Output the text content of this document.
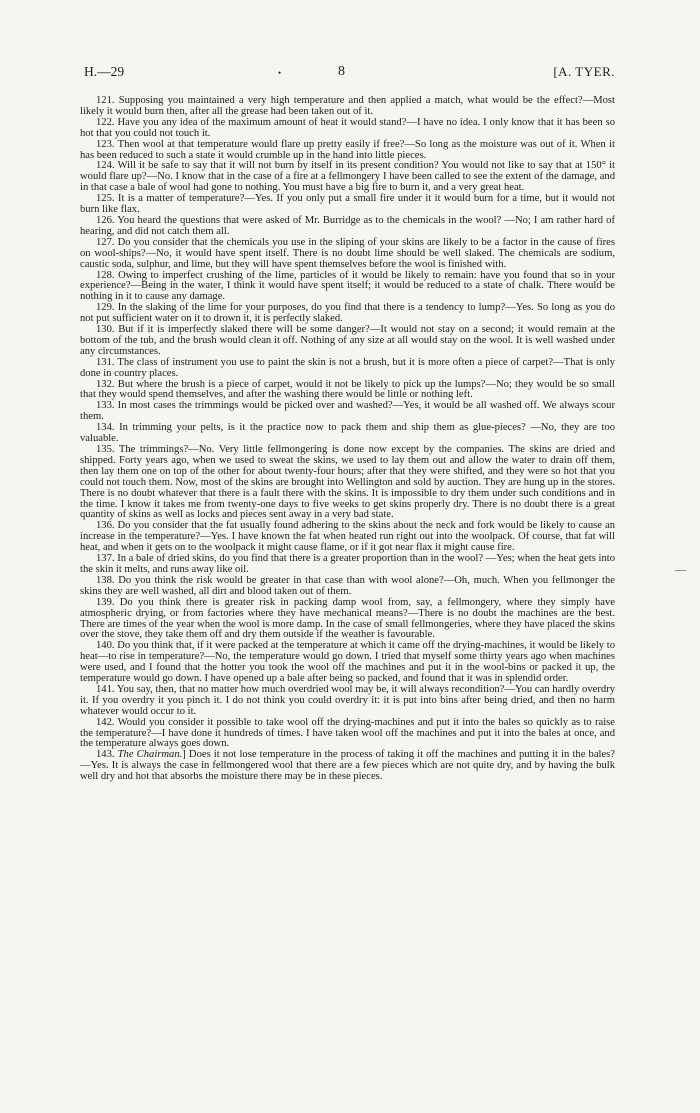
H.—29	•	8	[A. TYER.

121. Supposing you maintained a very high temperature and then applied a match, what would be the effect?—Most likely it would burn then, after all the grease had been taken out of it.

122. Have you any idea of the maximum amount of heat it would stand?—I have no idea. I only know that it has been so hot that you could not touch it.

123. Then wool at that temperature would flare up pretty easily if free?—So long as the moisture was out of it. When it has been reduced to such a state it would crumble up in the hand into little pieces.

124. Will it be safe to say that it will not burn by itself in its present condition? You would not like to say that at 150° it would flare up?—No. I know that in the case of a fire at a fellmongery I have been called to see the extent of the damage, and in that case a bale of wool had gone to nothing. You must have a big fire to burn it, and a very great heat.

125. It is a matter of temperature?—Yes. If you only put a small fire under it it would burn for a time, but it would not burn like flax.

126. You heard the questions that were asked of Mr. Burridge as to the chemicals in the wool? —No; I am rather hard of hearing, and did not catch them all.

127. Do you consider that the chemicals you use in the sliping of your skins are likely to be a factor in the cause of fires on wool-ships?—No, it would have spent itself. There is no doubt lime should be well slaked. The chemicals are sodium, caustic soda, sulphur, and lime, but they will have spent themselves before the wool is finished with.

128. Owing to imperfect crushing of the lime, particles of it would be likely to remain: have you found that so in your experience?—Being in the water, I think it would have spent itself; it would be reduced to a state of chalk. There would be nothing in it to cause any damage.

129. In the slaking of the lime for your purposes, do you find that there is a tendency to lump?—Yes. So long as you do not put sufficient water on it to drown it, it is perfectly slaked.

130. But if it is imperfectly slaked there will be some danger?—It would not stay on a second; it would remain at the bottom of the tub, and the brush would clean it off. Nothing of any size at all would stay on the wool. It is well washed under any circumstances.

131. The class of instrument you use to paint the skin is not a brush, but it is more often a piece of carpet?—That is only done in country places.

132. But where the brush is a piece of carpet, would it not be likely to pick up the lumps?—No; they would be so small that they would spend themselves, and after the washing there would be little or nothing left.

133. In most cases the trimmings would be picked over and washed?—Yes, it would be all washed off. We always scour them.

134. In trimming your pelts, is it the practice now to pack them and ship them as glue-pieces? —No, they are too valuable.

135. The trimmings?—No. Very little fellmongering is done now except by the companies. The skins are dried and shipped. Forty years ago, when we used to sweat the skins, we used to lay them out and allow the water to drain off them, then lay them one on top of the other for about twenty-four hours; after that they were shifted, and they were so hot that you could not touch them. Now, most of the skins are brought into Wellington and sold by auction. They are hung up in the stores. There is no doubt whatever that there is a fault there with the skins. It is impossible to dry them under such conditions and in the time. I know it takes me from twenty-one days to five weeks to get skins properly dry. There is no doubt there is a great quantity of skins as well as locks and pieces sent away in a very bad state.

136. Do you consider that the fat usually found adhering to the skins about the neck and fork would be likely to cause an increase in the temperature?—Yes. I have known the fat when heated run right out into the woolpack. Of course, that fat will heat, and when it gets on to the woolpack it might cause flame, or if it got near flax it might cause fire.

137. In a bale of dried skins, do you find that there is a greater proportion than in the wool? —Yes; when the heat gets into the skin it melts, and runs away like oil.

138. Do you think the risk would be greater in that case than with wool alone?—Oh, much. When you fellmonger the skins they are well washed, all dirt and blood taken out of them.

139. Do you think there is greater risk in packing damp wool from, say, a fellmongery, where they simply have atmospheric drying, or from factories where they have mechanical means?—There is no doubt the machines are the best. There are times of the year when the wool is more damp. In the case of small fellmongeries, where they have placed the skins over the stove, they take them off and dry them outside if the weather is favourable.

140. Do you think that, if it were packed at the temperature at which it came off the drying-machines, it would be likely to heat—to rise in temperature?—No, the temperature would go down. I tried that myself some thirty years ago when machines were used, and I found that the hotter you took the wool off the machines and put it in the wool-bins or packed it up, the temperature would go down. I have opened up a bale after being so packed, and found that it was in splendid order.

141. You say, then, that no matter how much overdried wool may be, it will always recondition?—You can hardly overdry it. If you overdry it you pinch it. I do not think you could overdry it: it is put into bins after being dried, and then no harm whatever would occur to it.

142. Would you consider it possible to take wool off the drying-machines and put it into the bales so quickly as to raise the temperature?—I have done it hundreds of times. I have taken wool off the machines and put it into the bales at once, and the temperature always goes down.

143. The Chairman.] Does it not lose temperature in the process of taking it off the machines and putting it in the bales?—Yes. It is always the case in fellmongered wool that there are a few pieces which are not quite dry, and by having the bulk well dry and hot that absorbs the moisture there may be in these pieces.

—
